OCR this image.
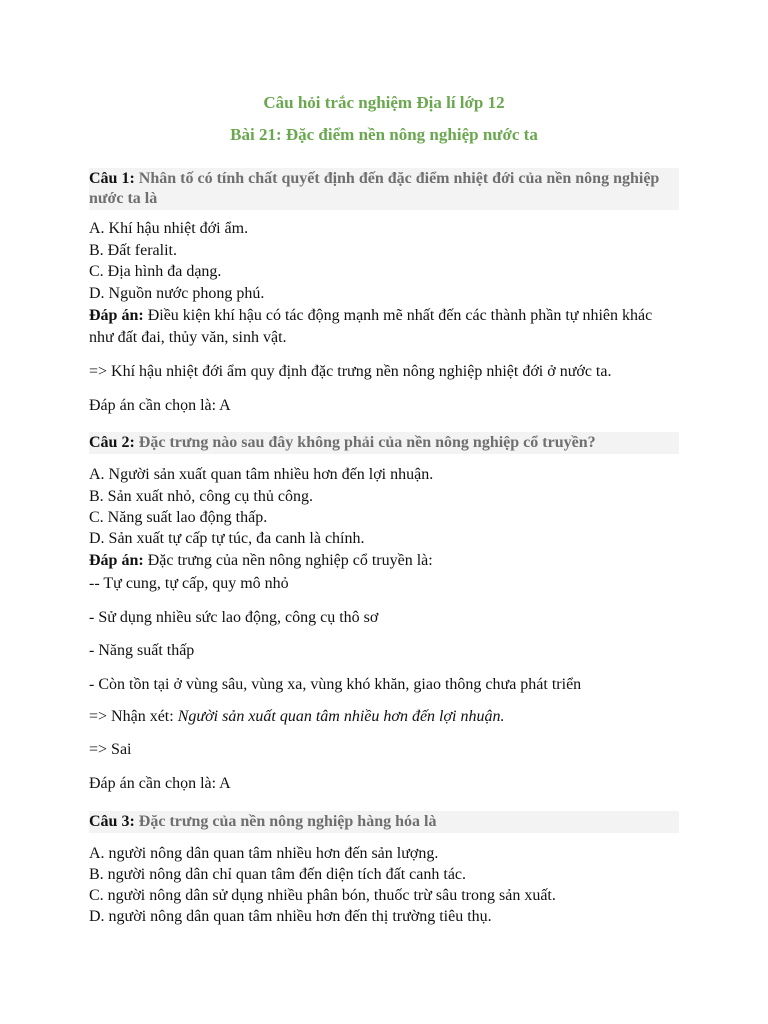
Câu hỏi trắc nghiệm Địa lí lớp 12
Bài 21: Đặc điểm nền nông nghiệp nước ta
Câu 1: Nhân tố có tính chất quyết định đến đặc điểm nhiệt đới của nền nông nghiệp nước ta là
A. Khí hậu nhiệt đới ẩm.
B. Đất feralit.
C. Địa hình đa dạng.
D. Nguồn nước phong phú.
Đáp án: Điều kiện khí hậu có tác động mạnh mẽ nhất đến các thành phần tự nhiên khác như đất đai, thủy văn, sinh vật.
=> Khí hậu nhiệt đới ẩm quy định đặc trưng nền nông nghiệp nhiệt đới ở nước ta.
Đáp án cần chọn là: A
Câu 2: Đặc trưng nào sau đây không phải của nền nông nghiệp cổ truyền?
A. Người sản xuất quan tâm nhiều hơn đến lợi nhuận.
B. Sản xuất nhỏ, công cụ thủ công.
C. Năng suất lao động thấp.
D. Sản xuất tự cấp tự túc, đa canh là chính.
Đáp án: Đặc trưng của nền nông nghiệp cổ truyền là:
-- Tự cung, tự cấp, quy mô nhỏ
- Sử dụng nhiều sức lao động, công cụ thô sơ
- Năng suất thấp
- Còn tồn tại ở vùng sâu, vùng xa, vùng khó khăn, giao thông chưa phát triển
=> Nhận xét: Người sản xuất quan tâm nhiều hơn đến lợi nhuận.
=> Sai
Đáp án cần chọn là: A
Câu 3: Đặc trưng của nền nông nghiệp hàng hóa là
A. người nông dân quan tâm nhiều hơn đến sản lượng.
B. người nông dân chỉ quan tâm đến diện tích đất canh tác.
C. người nông dân sử dụng nhiều phân bón, thuốc trừ sâu trong sản xuất.
D. người nông dân quan tâm nhiều hơn đến thị trường tiêu thụ.
